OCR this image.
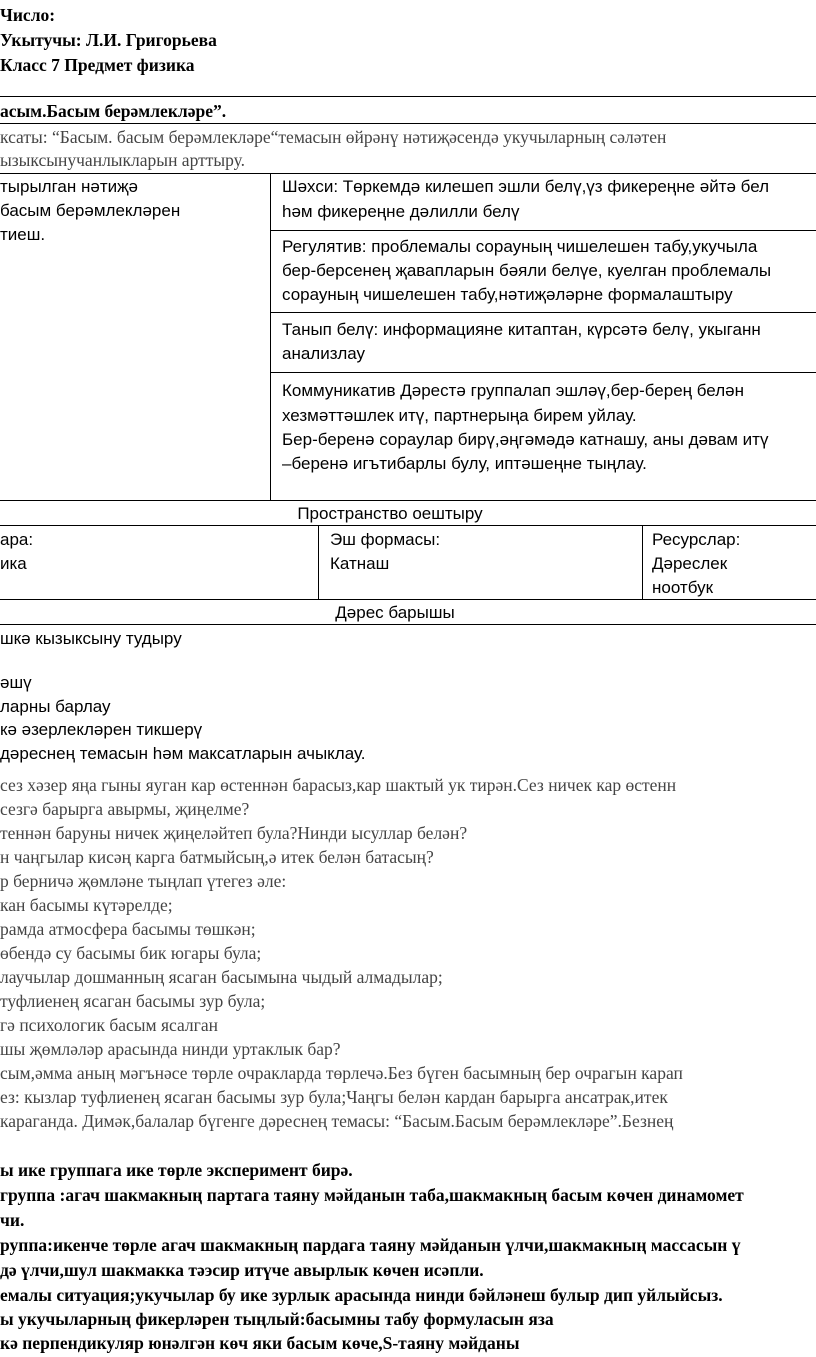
Число:
Укытучы: Л.И. Григорьева
Класс 7 Предмет физика
асым.Басым берәмлекләре”.
ксаты: “Басым. басым берәмлекләре“темасын өйрәнү нәтиҗәсендә укучыларның сәләтен
ызыксынучанлыкларын арттыру.
тырылган нәтиҗә
басым берәмлекләрен
тиеш.
Шәхси: Төркемдә килешеп эшли белү,үз фикереңне әйтә бел
һәм фикереңне дәлилли белү
Регулятив: проблемалы сорауның чишелешен табу,укучыла
бер-берсенең җавапларын бәяли белүе, куелган проблемалы
сорауның чишелешен табу,нәтиҗәләрне формалаштыру
Танып белү: информацияне китаптан, күрсәтә белү, укыганн
анализлау
Коммуникатив Дәрестә группалап эшләү,бер-берең белән
хезмәттәшлек итү, партнерыңа бирем уйлау.
Бер-беренә сораулар бирү,әңгәмәдә катнашу, аны дәвам итү
–беренә игътибарлы булу, иптәшеңне тыңлау.
Пространство оештыру
ара:
ика
Эш формасы:
Катнаш
Ресурслар:
Дәреслек
ноотбук
Дәрес барышы
шкә кызыксыну тудыру
әшү
ларны барлау
кә әзерлекләрен тикшерү
дәреснең темасын һәм максатларын ачыклау.
сез хәзер яңа гыны яуган кар өстеннән барасыз,кар шактый ук тирән.Сез ничек кар өстенн
сезгә барырга авырмы, җиңелме?
теннән баруны ничек җиңеләйтеп була?Нинди ысуллар белән?
н чаңгылар кисәң карга батмыйсың,ә итек белән батасың?
р берничә җөмләне тыңлап үтегез әле:
кан басымы күтәрелде;
рамда атмосфера басымы төшкән;
өбендә су басымы бик югары була;
лаучылар дошманның ясаган басымына чыдый алмадылар;
туфлиенең ясаган басымы зур була;
гә психологик басым ясалган
шы җөмләләр арасында нинди уртаклык бар?
сым,әмма аның мәгънәсе төрле очракларда төрлечә.Без бүген басымның бер очрагын карап
ез: кызлар туфлиенең ясаган басымы зур була;Чаңгы белән кардан барырга ансатрак,итек
караганда. Димәк,балалар бүгенге дәреснең темасы: “Басым.Басым берәмлекләре”.Безнең
ы ике группага ике төрле эксперимент бирә.
группа :агач шакмакның партага таяну мәйданын таба,шакмакның басым көчен динамомет
чи.
руппа:икенче төрле агач шакмакның пардага таяну мәйданын үлчи,шакмакның массасын ү
дә үлчи,шул шакмакка тәэсир итүче авырлык көчен исәпли.
емалы ситуация;укучылар бу ике зурлык арасында нинди бәйләнеш булыр дип уйлыйсыз.
ы укучыларның фикерләрен тыңлый:басымны табу формуласын яза
кә перпендикуляр юнәлгән көч яки басым көче,S-таяну мәйданы
